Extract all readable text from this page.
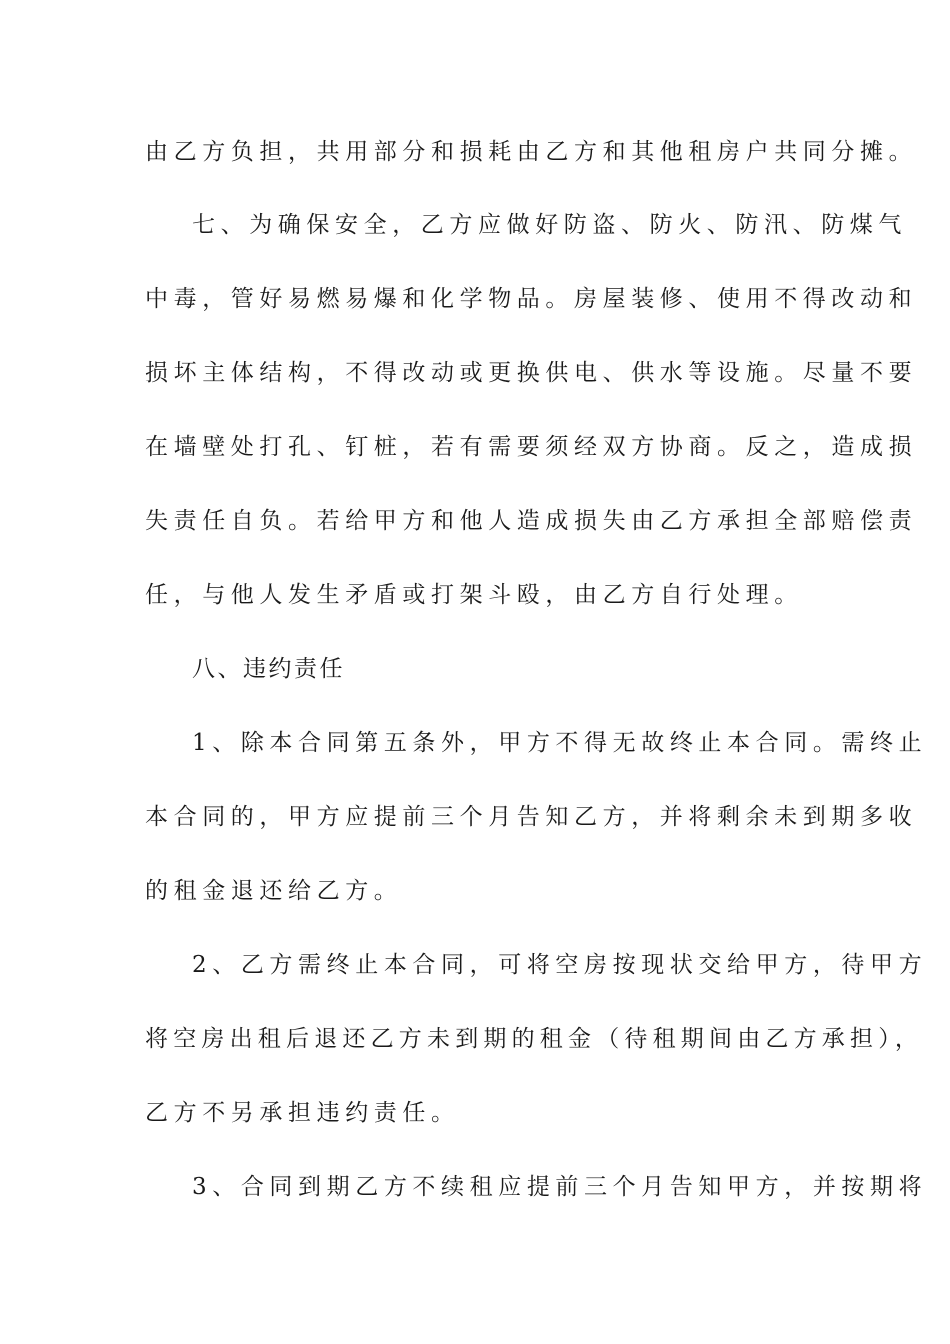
由乙方负担，共用部分和损耗由乙方和其他租房户共同分摊。
七、为确保安全，乙方应做好防盗、防火、防汛、防煤气
中毒，管好易燃易爆和化学物品。房屋装修、使用不得改动和
损坏主体结构，不得改动或更换供电、供水等设施。尽量不要
在墙壁处打孔、钉桩，若有需要须经双方协商。反之，造成损
失责任自负。若给甲方和他人造成损失由乙方承担全部赔偿责
任，与他人发生矛盾或打架斗殴，由乙方自行处理。
八、违约责任
1、除本合同第五条外，甲方不得无故终止本合同。需终止
本合同的，甲方应提前三个月告知乙方，并将剩余未到期多收
的租金退还给乙方。
2、乙方需终止本合同，可将空房按现状交给甲方，待甲方
将空房出租后退还乙方未到期的租金（待租期间由乙方承担），
乙方不另承担违约责任。
3、合同到期乙方不续租应提前三个月告知甲方，并按期将
